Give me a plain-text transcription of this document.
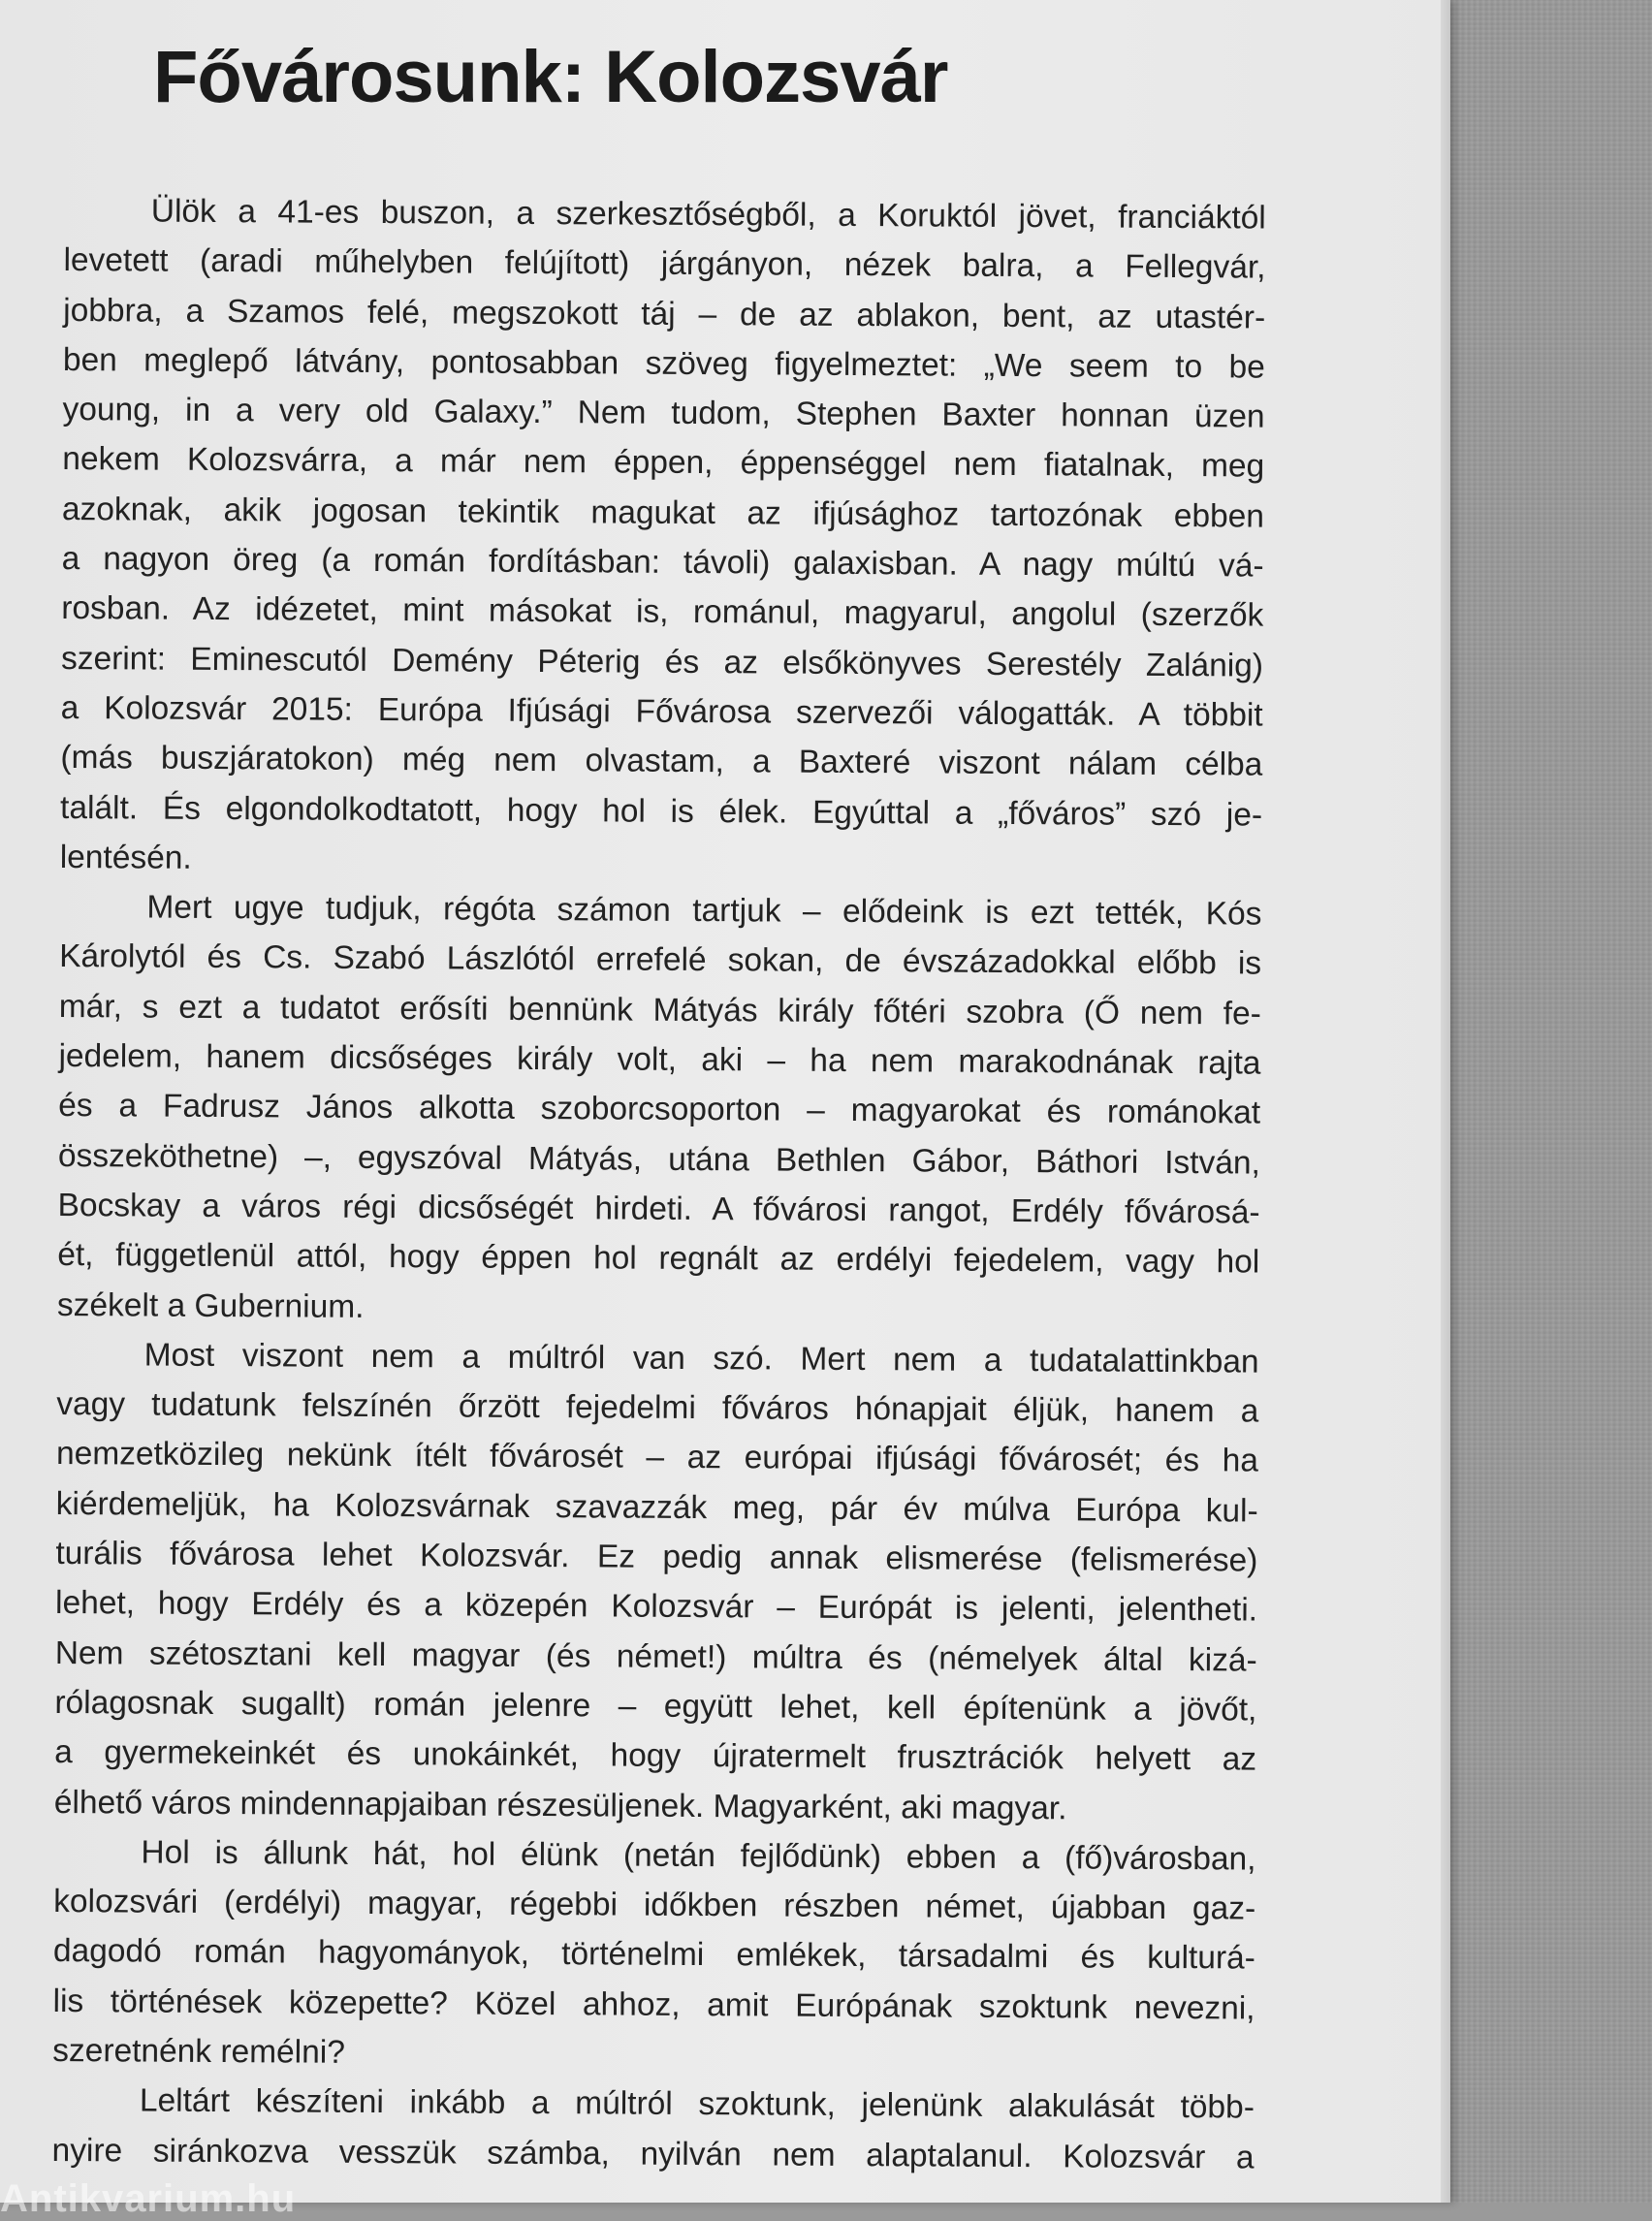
Fővárosunk: Kolozsvár
Ülök a 41-es buszon, a szerkesztőségből, a Koruktól jövet, franciáktól
levetett (aradi műhelyben felújított) járgányon, nézek balra, a Fellegvár,
jobbra, a Szamos felé, megszokott táj – de az ablakon, bent, az utastér-
ben meglepő látvány, pontosabban szöveg figyelmeztet: „We seem to be
young, in a very old Galaxy.” Nem tudom, Stephen Baxter honnan üzen
nekem Kolozsvárra, a már nem éppen, éppenséggel nem fiatalnak, meg
azoknak, akik jogosan tekintik magukat az ifjúsághoz tartozónak ebben
a nagyon öreg (a román fordításban: távoli) galaxisban. A nagy múltú vá-
rosban. Az idézetet, mint másokat is, románul, magyarul, angolul (szerzők
szerint: Eminescutól Demény Péterig és az elsőkönyves Serestély Zalánig)
a Kolozsvár 2015: Európa Ifjúsági Fővárosa szervezői válogatták. A többit
(más buszjáratokon) még nem olvastam, a Baxteré viszont nálam célba
talált. És elgondolkodtatott, hogy hol is élek. Egyúttal a „főváros” szó je-
lentésén.
Mert ugye tudjuk, régóta számon tartjuk – elődeink is ezt tették, Kós
Károlytól és Cs. Szabó Lászlótól errefelé sokan, de évszázadokkal előbb is
már, s ezt a tudatot erősíti bennünk Mátyás király főtéri szobra (Ő nem fe-
jedelem, hanem dicsőséges király volt, aki – ha nem marakodnának rajta
és a Fadrusz János alkotta szoborcsoporton – magyarokat és románokat
összeköthetne) –, egyszóval Mátyás, utána Bethlen Gábor, Báthori István,
Bocskay a város régi dicsőségét hirdeti. A fővárosi rangot, Erdély fővárosá-
ét, függetlenül attól, hogy éppen hol regnált az erdélyi fejedelem, vagy hol
székelt a Gubernium.
Most viszont nem a múltról van szó. Mert nem a tudatalattinkban
vagy tudatunk felszínén őrzött fejedelmi főváros hónapjait éljük, hanem a
nemzetközileg nekünk ítélt fővárosét – az európai ifjúsági fővárosét; és ha
kiérdemeljük, ha Kolozsvárnak szavazzák meg, pár év múlva Európa kul-
turális fővárosa lehet Kolozsvár. Ez pedig annak elismerése (felismerése)
lehet, hogy Erdély és a közepén Kolozsvár – Európát is jelenti, jelentheti.
Nem szétosztani kell magyar (és német!) múltra és (némelyek által kizá-
rólagosnak sugallt) román jelenre – együtt lehet, kell építenünk a jövőt,
a gyermekeinkét és unokáinkét, hogy újratermelt frusztrációk helyett az
élhető város mindennapjaiban részesüljenek. Magyarként, aki magyar.
Hol is állunk hát, hol élünk (netán fejlődünk) ebben a (fő)városban,
kolozsvári (erdélyi) magyar, régebbi időkben részben német, újabban gaz-
dagodó román hagyományok, történelmi emlékek, társadalmi és kulturá-
lis történések közepette? Közel ahhoz, amit Európának szoktunk nevezni,
szeretnénk remélni?
Leltárt készíteni inkább a múltról szoktunk, jelenünk alakulását több-
nyire siránkozva vesszük számba, nyilván nem alaptalanul. Kolozsvár a
Antikvarium.hu
